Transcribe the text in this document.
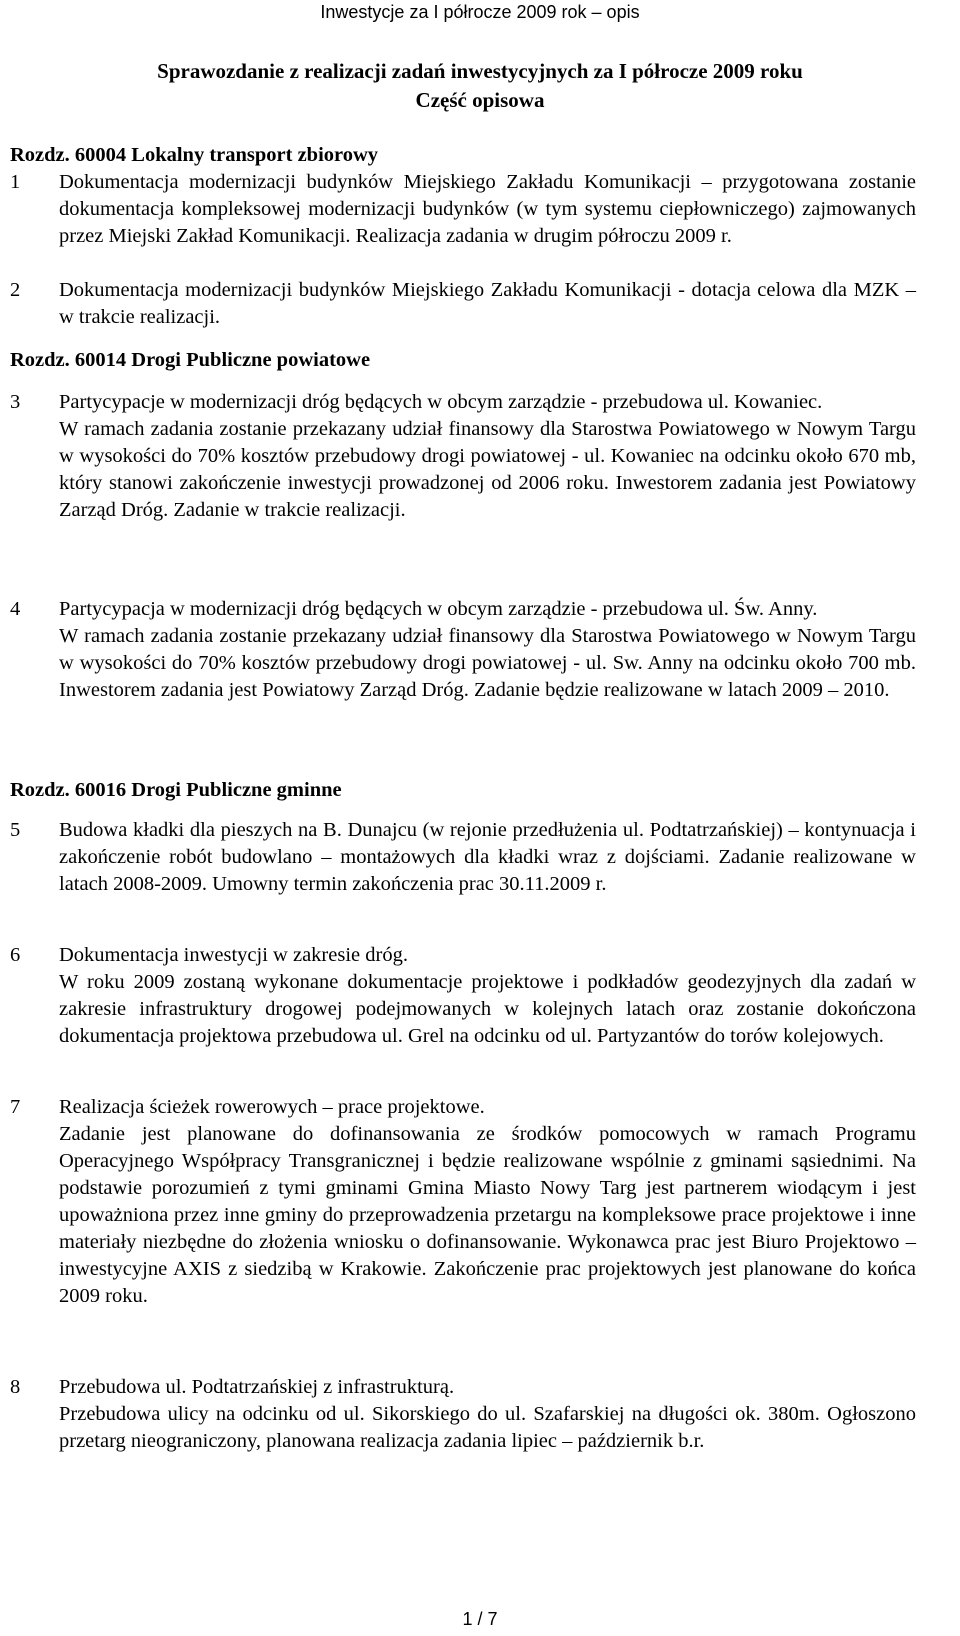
Inwestycje za I półrocze 2009 rok – opis
Sprawozdanie z realizacji zadań inwestycyjnych za I półrocze 2009 roku
Część opisowa
Rozdz. 60004 Lokalny transport zbiorowy
1	Dokumentacja modernizacji budynków Miejskiego Zakładu Komunikacji – przygotowana zostanie dokumentacja kompleksowej modernizacji budynków (w tym systemu ciepłowniczego) zajmowanych przez Miejski Zakład Komunikacji. Realizacja zadania w drugim półroczu 2009 r.

2	Dokumentacja modernizacji budynków Miejskiego Zakładu Komunikacji - dotacja celowa dla MZK – w trakcie realizacji.

Rozdz. 60014 Drogi Publiczne powiatowe
3	Partycypacje w modernizacji dróg będących w obcym zarządzie - przebudowa ul. Kowaniec.

W ramach zadania zostanie przekazany udział finansowy dla Starostwa Powiatowego w Nowym Targu w wysokości do 70% kosztów przebudowy drogi powiatowej - ul. Kowaniec na odcinku około 670 mb, który stanowi zakończenie inwestycji prowadzonej od 2006 roku. Inwestorem zadania jest Powiatowy Zarząd Dróg. Zadanie w trakcie realizacji.

4	Partycypacja w modernizacji dróg będących w obcym zarządzie - przebudowa ul. Św. Anny.

W ramach zadania zostanie przekazany udział finansowy dla Starostwa Powiatowego w Nowym Targu w wysokości do 70% kosztów przebudowy drogi powiatowej - ul. Sw. Anny na odcinku około 700 mb. Inwestorem zadania jest Powiatowy Zarząd Dróg. Zadanie będzie realizowane w latach 2009 – 2010.

Rozdz. 60016 Drogi Publiczne gminne
5	Budowa kładki dla pieszych na B. Dunajcu (w rejonie przedłużenia ul. Podtatrzańskiej) – kontynuacja i zakończenie robót budowlano – montażowych dla kładki wraz z dojściami. Zadanie realizowane w latach 2008-2009. Umowny termin zakończenia prac 30.11.2009 r.

6	Dokumentacja inwestycji w zakresie dróg.

W roku 2009 zostaną wykonane dokumentacje projektowe i podkładów geodezyjnych dla zadań w zakresie infrastruktury drogowej podejmowanych w kolejnych latach oraz zostanie dokończona dokumentacja projektowa przebudowa ul. Grel na odcinku od ul. Partyzantów do torów kolejowych.

7	Realizacja ścieżek rowerowych – prace projektowe.

Zadanie jest planowane do dofinansowania ze środków pomocowych w ramach Programu Operacyjnego Współpracy Transgranicznej i będzie realizowane wspólnie z gminami sąsiednimi. Na podstawie porozumień z tymi gminami Gmina Miasto Nowy Targ jest partnerem wiodącym i jest upoważniona przez inne gminy do przeprowadzenia przetargu na kompleksowe prace projektowe i inne materiały niezbędne do złożenia wniosku o dofinansowanie. Wykonawca prac jest Biuro Projektowo – inwestycyjne AXIS z siedzibą w Krakowie. Zakończenie prac projektowych jest planowane do końca 2009 roku.

8	Przebudowa ul. Podtatrzańskiej z infrastrukturą.

Przebudowa ulicy na odcinku od ul. Sikorskiego do ul. Szafarskiej na długości ok. 380m. Ogłoszono przetarg nieograniczony, planowana realizacja zadania lipiec – październik b.r.

1 / 7
